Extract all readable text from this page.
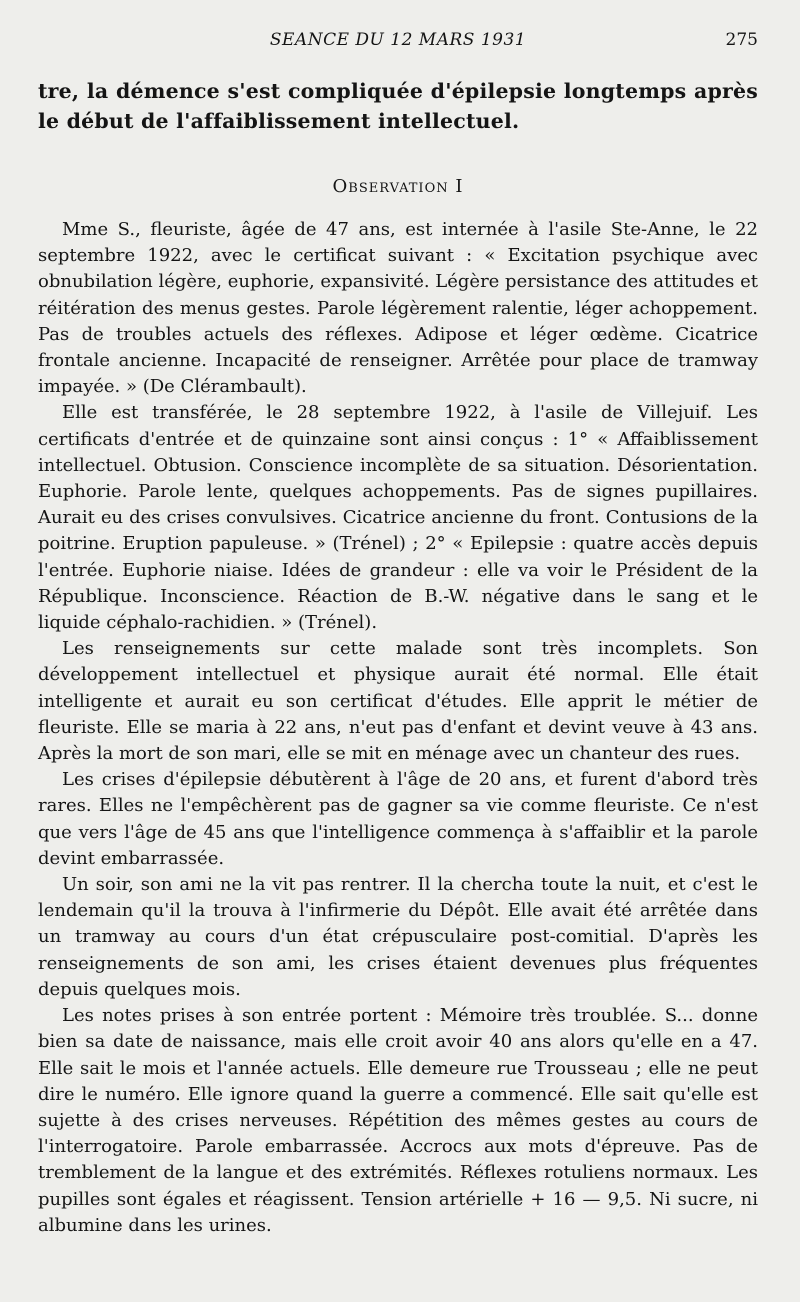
SEANCE DU 12 MARS 1931	275
tre, la démence s'est compliquée d'épilepsie longtemps après le début de l'affaiblissement intellectuel.
Observation I

Mme S., fleuriste, âgée de 47 ans, est internée à l'asile Ste-Anne, le 22 septembre 1922, avec le certificat suivant : « Excitation psychique avec obnubilation légère, euphorie, expansivité. Légère persistance des attitudes et réitération des menus gestes. Parole légèrement ralentie, léger achoppement. Pas de troubles actuels des réflexes. Adipose et léger œdème. Cicatrice frontale ancienne. Incapacité de renseigner. Arrêtée pour place de tramway impayée. » (De Clérambault).

Elle est transférée, le 28 septembre 1922, à l'asile de Villejuif. Les certificats d'entrée et de quinzaine sont ainsi conçus : 1° « Affaiblissement intellectuel. Obtusion. Conscience incomplète de sa situation. Désorientation. Euphorie. Parole lente, quelques achoppements. Pas de signes pupillaires. Aurait eu des crises convulsives. Cicatrice ancienne du front. Contusions de la poitrine. Eruption papuleuse. » (Trénel) ; 2° « Epilepsie : quatre accès depuis l'entrée. Euphorie niaise. Idées de grandeur : elle va voir le Président de la République. Inconscience. Réaction de B.-W. négative dans le sang et le liquide céphalo-rachidien. » (Trénel).

Les renseignements sur cette malade sont très incomplets. Son développement intellectuel et physique aurait été normal. Elle était intelligente et aurait eu son certificat d'études. Elle apprit le métier de fleuriste. Elle se maria à 22 ans, n'eut pas d'enfant et devint veuve à 43 ans. Après la mort de son mari, elle se mit en ménage avec un chanteur des rues.

Les crises d'épilepsie débutèrent à l'âge de 20 ans, et furent d'abord très rares. Elles ne l'empêchèrent pas de gagner sa vie comme fleuriste. Ce n'est que vers l'âge de 45 ans que l'intelligence commença à s'affaiblir et la parole devint embarrassée.

Un soir, son ami ne la vit pas rentrer. Il la chercha toute la nuit, et c'est le lendemain qu'il la trouva à l'infirmerie du Dépôt. Elle avait été arrêtée dans un tramway au cours d'un état crépusculaire post-comitial. D'après les renseignements de son ami, les crises étaient devenues plus fréquentes depuis quelques mois.

Les notes prises à son entrée portent : Mémoire très troublée. S... donne bien sa date de naissance, mais elle croit avoir 40 ans alors qu'elle en a 47. Elle sait le mois et l'année actuels. Elle demeure rue Trousseau ; elle ne peut dire le numéro. Elle ignore quand la guerre a commencé. Elle sait qu'elle est sujette à des crises nerveuses. Répétition des mêmes gestes au cours de l'interrogatoire. Parole embarrassée. Accrocs aux mots d'épreuve. Pas de tremblement de la langue et des extrémités. Réflexes rotuliens normaux. Les pupilles sont égales et réagissent. Tension artérielle + 16 — 9,5. Ni sucre, ni albumine dans les urines.
